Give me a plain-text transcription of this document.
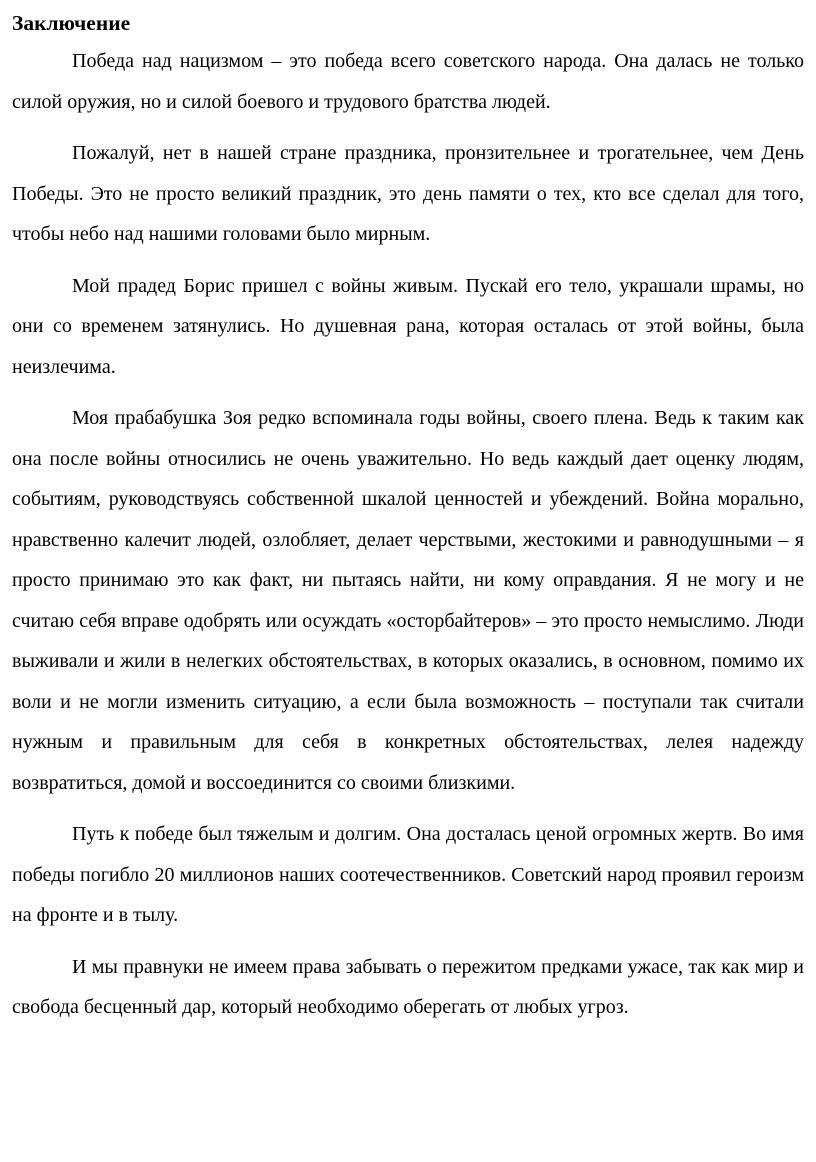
Заключение

Победа над нацизмом – это победа всего советского народа. Она далась не только силой оружия, но и силой боевого и трудового братства людей.

Пожалуй, нет в нашей стране праздника, пронзительнее и трогательнее, чем День Победы. Это не просто великий праздник, это день памяти о тех, кто все сделал для того, чтобы небо над нашими головами было мирным.

Мой прадед Борис пришел с войны живым. Пускай его тело, украшали шрамы, но они со временем затянулись. Но душевная рана, которая осталась от этой войны, была неизлечима.

Моя прабабушка Зоя редко вспоминала годы войны, своего плена. Ведь к таким как она после войны относились не очень уважительно. Но ведь каждый дает оценку людям, событиям, руководствуясь собственной шкалой ценностей и убеждений. Война морально, нравственно калечит людей, озлобляет, делает черствыми, жестокими и равнодушными – я просто принимаю это как факт, ни пытаясь найти, ни кому оправдания. Я не могу и не считаю себя вправе одобрять или осуждать «осторбайтеров» – это просто немыслимо. Люди выживали и жили в нелегких обстоятельствах, в которых оказались, в основном, помимо их воли и не могли изменить ситуацию, а если была возможность – поступали так считали нужным и правильным для себя в конкретных обстоятельствах, лелея надежду возвратиться, домой и воссоединится со своими близкими.

Путь к победе был тяжелым и долгим. Она досталась ценой огромных жертв. Во имя победы погибло 20 миллионов наших соотечественников. Советский народ проявил героизм на фронте и в тылу.

И мы правнуки не имеем права забывать о пережитом предками ужасе, так как мир и свобода бесценный дар, который необходимо оберегать от любых угроз.
